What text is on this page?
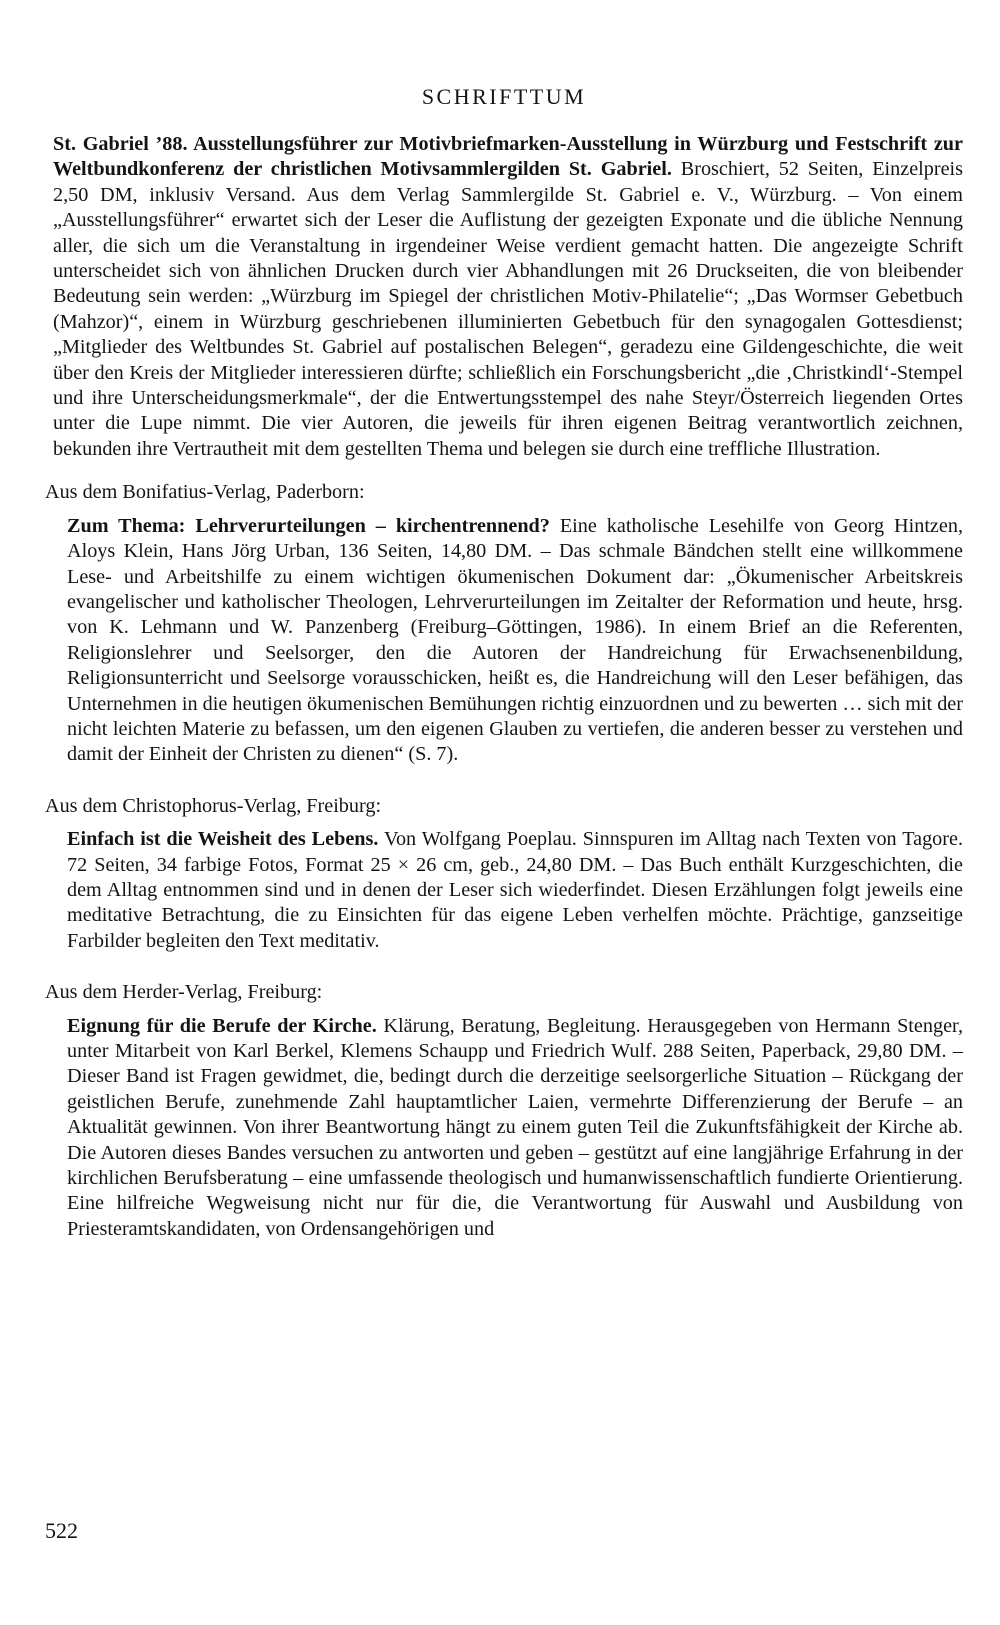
SCHRIFTTUM

St. Gabriel ’88. Ausstellungsführer zur Motivbriefmarken-Ausstellung in Würzburg und Festschrift zur Weltbundkonferenz der christlichen Motivsammlergilden St. Gabriel. Broschiert, 52 Seiten, Einzelpreis 2,50 DM, inklusiv Versand. Aus dem Verlag Sammlergilde St. Gabriel e. V., Würzburg. – Von einem „Ausstellungsführer“ erwartet sich der Leser die Auflistung der gezeigten Exponate und die übliche Nennung aller, die sich um die Veranstaltung in irgendeiner Weise verdient gemacht hatten. Die angezeigte Schrift unterscheidet sich von ähnlichen Drucken durch vier Abhandlungen mit 26 Druckseiten, die von bleibender Bedeutung sein werden: „Würzburg im Spiegel der christlichen Motiv-Philatelie“; „Das Wormser Gebetbuch (Mahzor)“, einem in Würzburg geschriebenen illuminierten Gebetbuch für den synagogalen Gottesdienst; „Mitglieder des Weltbundes St. Gabriel auf postalischen Belegen“, geradezu eine Gildengeschichte, die weit über den Kreis der Mitglieder interessieren dürfte; schließlich ein Forschungsbericht „die ‚Christkindl‘-Stempel und ihre Unterscheidungsmerkmale“, der die Entwertungsstempel des nahe Steyr/Österreich liegenden Ortes unter die Lupe nimmt. Die vier Autoren, die jeweils für ihren eigenen Beitrag verantwortlich zeichnen, bekunden ihre Vertrautheit mit dem gestellten Thema und belegen sie durch eine treffliche Illustration.

Aus dem Bonifatius-Verlag, Paderborn:

Zum Thema: Lehrverurteilungen – kirchentrennend? Eine katholische Lesehilfe von Georg Hintzen, Aloys Klein, Hans Jörg Urban, 136 Seiten, 14,80 DM. – Das schmale Bändchen stellt eine willkommene Lese- und Arbeitshilfe zu einem wichtigen ökumenischen Dokument dar: „Ökumenischer Arbeitskreis evangelischer und katholischer Theologen, Lehrverurteilungen im Zeitalter der Reformation und heute, hrsg. von K. Lehmann und W. Panzenberg (Freiburg–Göttingen, 1986). In einem Brief an die Referenten, Religionslehrer und Seelsorger, den die Autoren der Handreichung für Erwachsenenbildung, Religionsunterricht und Seelsorge vorausschicken, heißt es, die Handreichung will den Leser befähigen, das Unternehmen in die heutigen ökumenischen Bemühungen richtig einzuordnen und zu bewerten … sich mit der nicht leichten Materie zu befassen, um den eigenen Glauben zu vertiefen, die anderen besser zu verstehen und damit der Einheit der Christen zu dienen“ (S. 7).

Aus dem Christophorus-Verlag, Freiburg:

Einfach ist die Weisheit des Lebens. Von Wolfgang Poeplau. Sinnspuren im Alltag nach Texten von Tagore. 72 Seiten, 34 farbige Fotos, Format 25 × 26 cm, geb., 24,80 DM. – Das Buch enthält Kurzgeschichten, die dem Alltag entnommen sind und in denen der Leser sich wiederfindet. Diesen Erzählungen folgt jeweils eine meditative Betrachtung, die zu Einsichten für das eigene Leben verhelfen möchte. Prächtige, ganzseitige Farbilder begleiten den Text meditativ.

Aus dem Herder-Verlag, Freiburg:

Eignung für die Berufe der Kirche. Klärung, Beratung, Begleitung. Herausgegeben von Hermann Stenger, unter Mitarbeit von Karl Berkel, Klemens Schaupp und Friedrich Wulf. 288 Seiten, Paperback, 29,80 DM. – Dieser Band ist Fragen gewidmet, die, bedingt durch die derzeitige seelsorgerliche Situation – Rückgang der geistlichen Berufe, zunehmende Zahl hauptamtlicher Laien, vermehrte Differenzierung der Berufe – an Aktualität gewinnen. Von ihrer Beantwortung hängt zu einem guten Teil die Zukunftsfähigkeit der Kirche ab. Die Autoren dieses Bandes versuchen zu antworten und geben – gestützt auf eine langjährige Erfahrung in der kirchlichen Berufsberatung – eine umfassende theologisch und humanwissenschaftlich fundierte Orientierung. Eine hilfreiche Wegweisung nicht nur für die, die Verantwortung für Auswahl und Ausbildung von Priesteramtskandidaten, von Ordensangehörigen und

522
